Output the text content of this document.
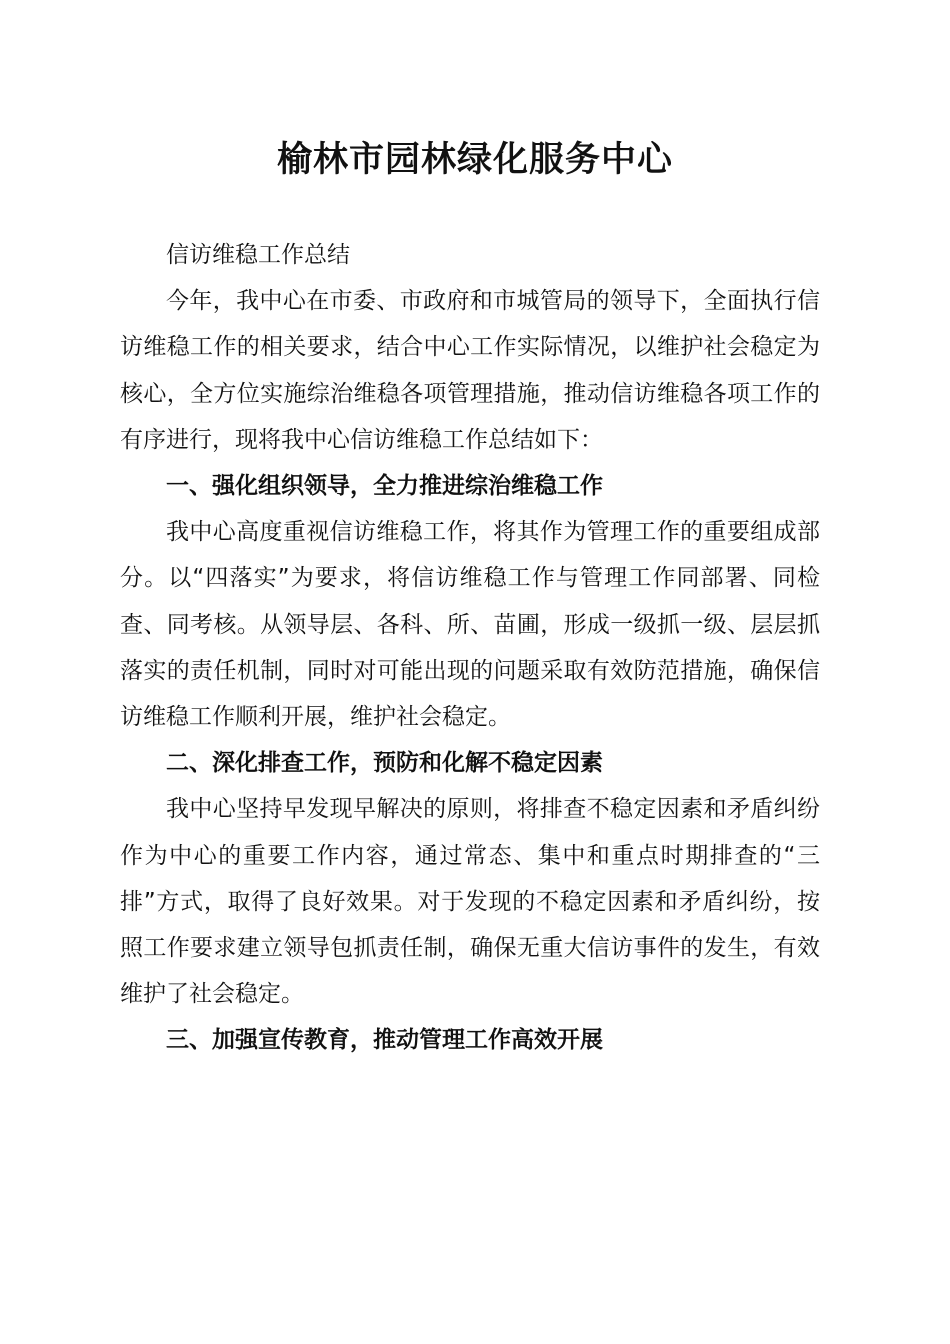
榆林市园林绿化服务中心

信访维稳工作总结

今年，我中心在市委、市政府和市城管局的领导下，全面执行信访维稳工作的相关要求，结合中心工作实际情况，以维护社会稳定为核心，全方位实施综治维稳各项管理措施，推动信访维稳各项工作的有序进行，现将我中心信访维稳工作总结如下：

一、强化组织领导，全力推进综治维稳工作

我中心高度重视信访维稳工作，将其作为管理工作的重要组成部分。以“四落实”为要求，将信访维稳工作与管理工作同部署、同检查、同考核。从领导层、各科、所、苗圃，形成一级抓一级、层层抓落实的责任机制，同时对可能出现的问题采取有效防范措施，确保信访维稳工作顺利开展，维护社会稳定。

二、深化排查工作，预防和化解不稳定因素

我中心坚持早发现早解决的原则，将排查不稳定因素和矛盾纠纷作为中心的重要工作内容，通过常态、集中和重点时期排查的“三排”方式，取得了良好效果。对于发现的不稳定因素和矛盾纠纷，按照工作要求建立领导包抓责任制，确保无重大信访事件的发生，有效维护了社会稳定。

三、加强宣传教育，推动管理工作高效开展
